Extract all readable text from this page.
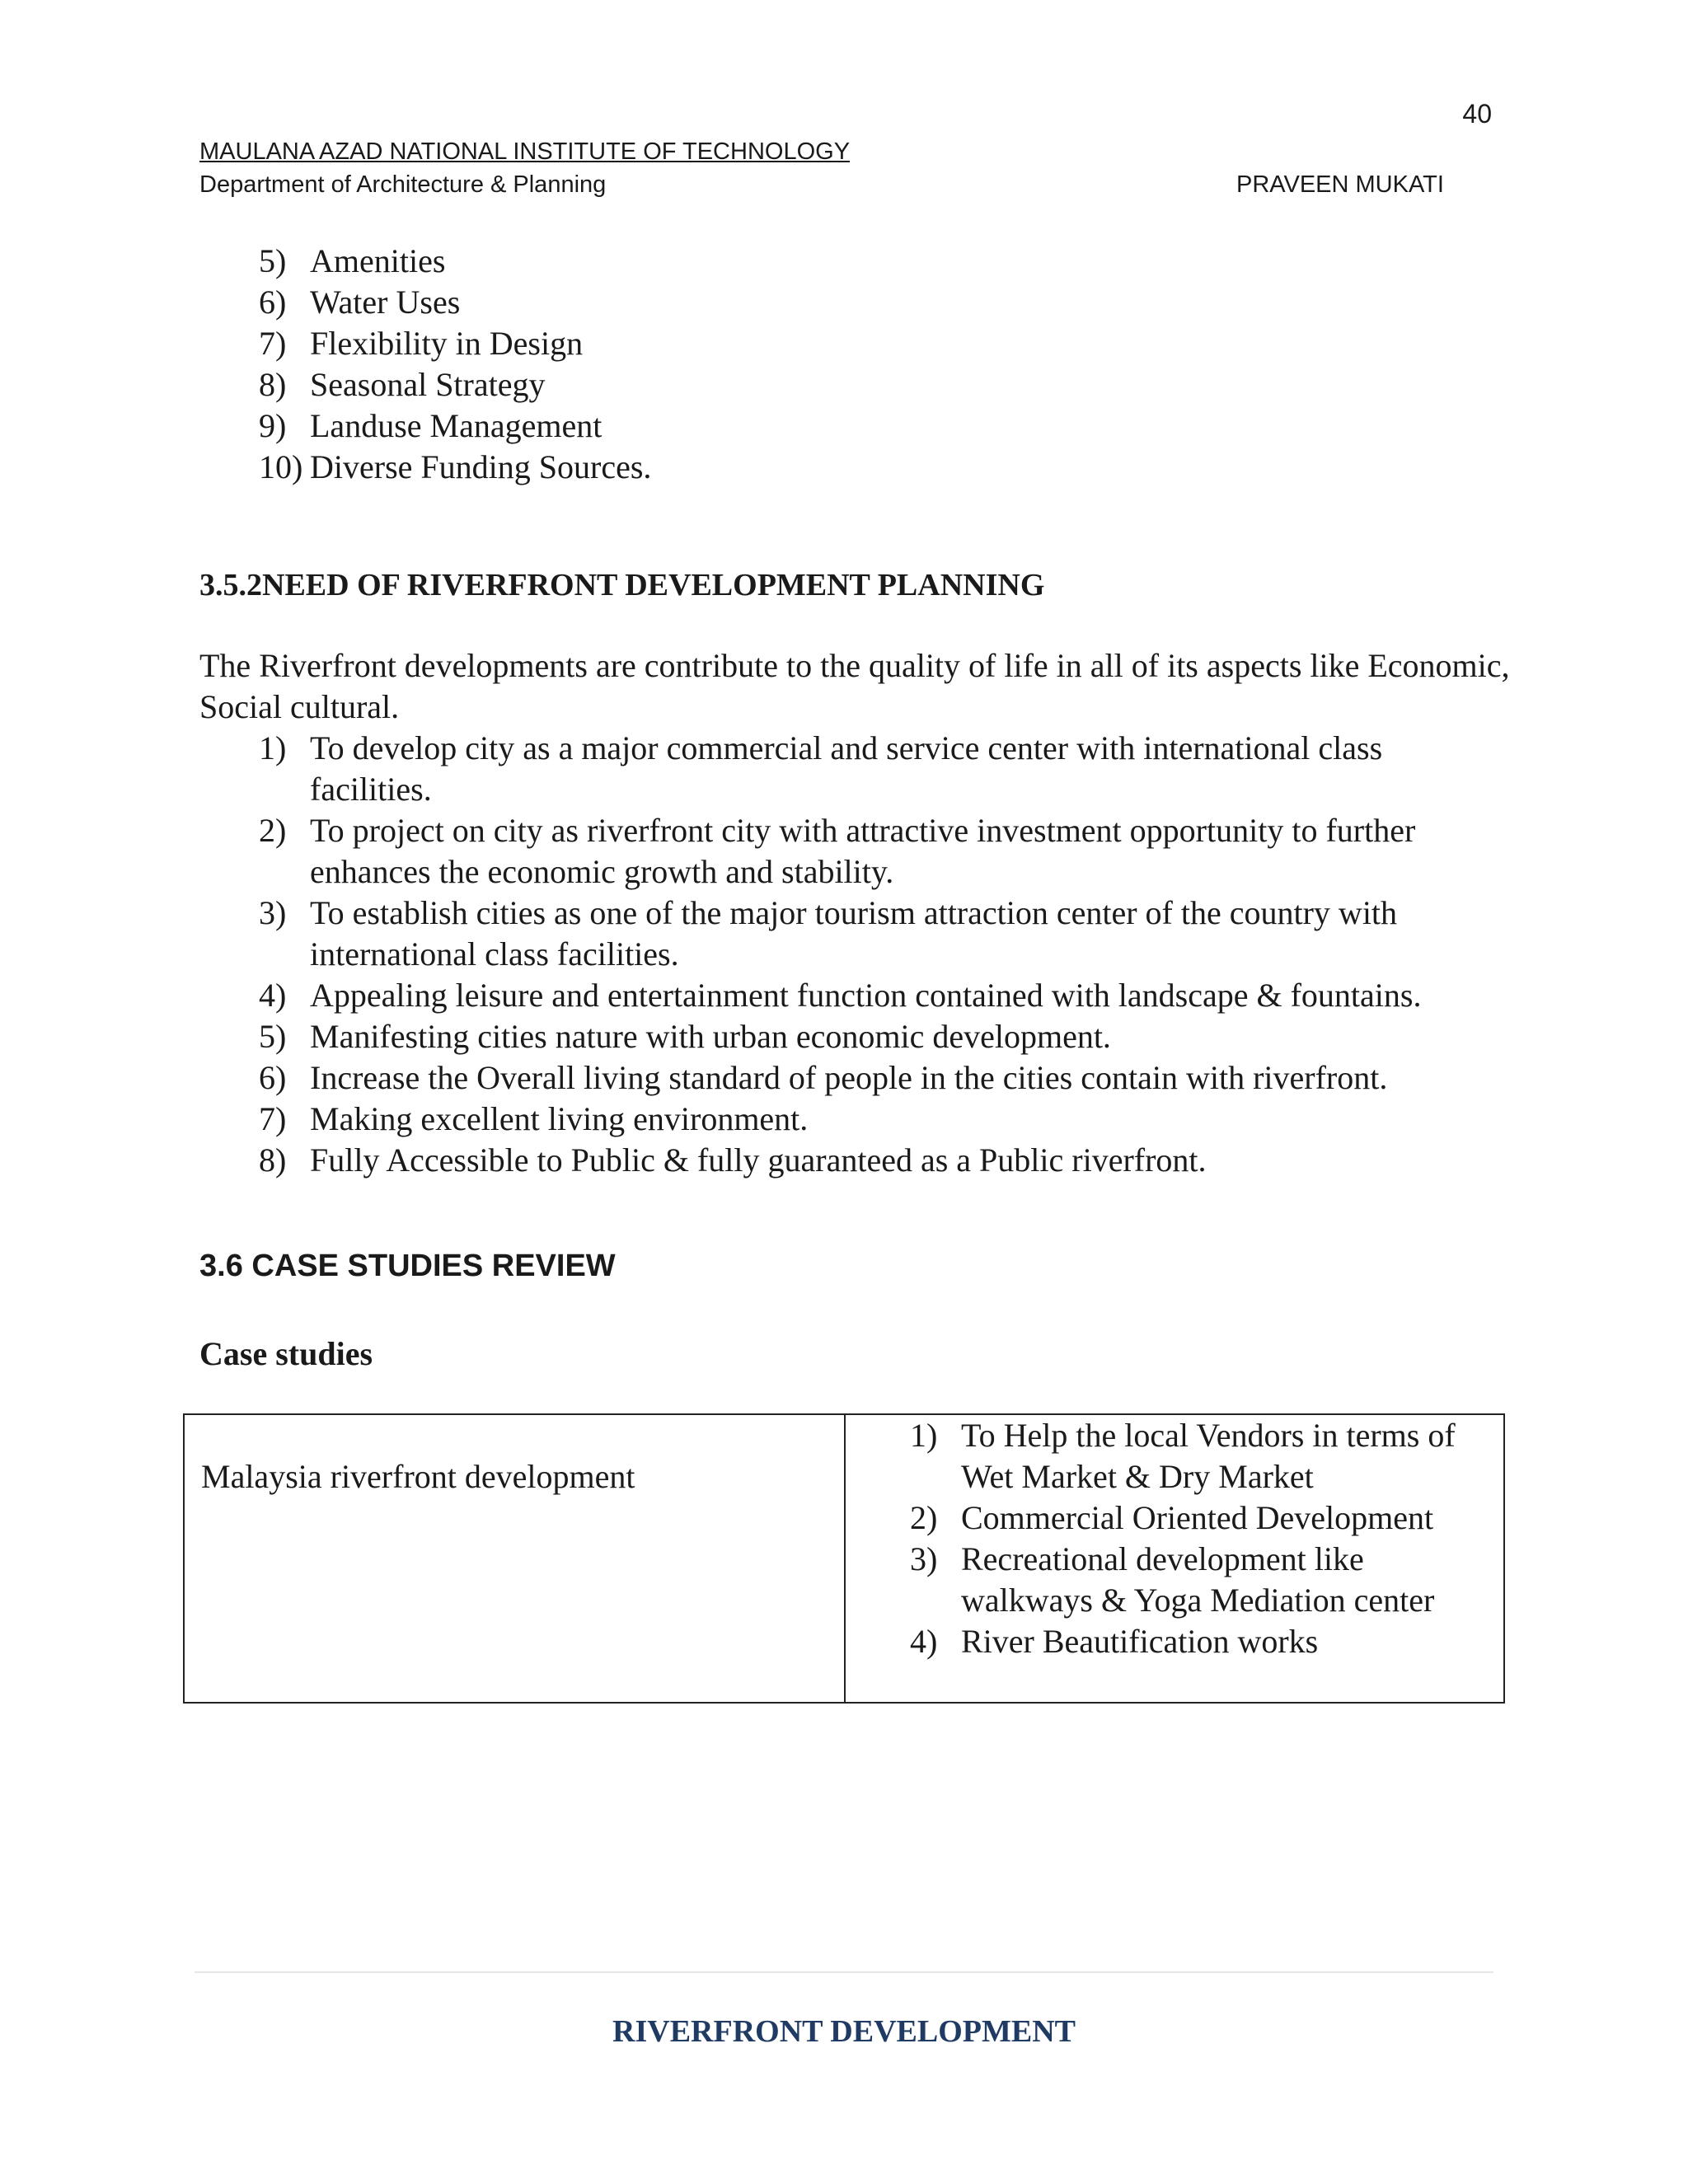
40
MAULANA AZAD NATIONAL INSTITUTE OF TECHNOLOGY
Department of Architecture & Planning	PRAVEEN MUKATI
5) Amenities
6) Water Uses
7) Flexibility in Design
8) Seasonal Strategy
9) Landuse Management
10) Diverse Funding Sources.
3.5.2NEED OF RIVERFRONT DEVELOPMENT PLANNING

The Riverfront developments are contribute to the quality of life in all of its aspects like Economic, Social cultural.

1) To develop city as a major commercial and service center with international class facilities.
2) To project on city as riverfront city with attractive investment opportunity to further enhances the economic growth and stability.
3) To establish cities as one of the major tourism attraction center of the country with international class facilities.
4) Appealing leisure and entertainment function contained with landscape & fountains.
5) Manifesting cities nature with urban economic development.
6) Increase the Overall living standard of people in the cities contain with riverfront.
7) Making excellent living environment.
8) Fully Accessible to Public & fully guaranteed as a Public riverfront.
3.6 CASE STUDIES REVIEW
Case studies
Malaysia riverfront development
1) To Help the local Vendors in terms of Wet Market & Dry Market
2) Commercial Oriented Development
3) Recreational development like walkways & Yoga Mediation center
4) River Beautification works
RIVERFRONT DEVELOPMENT
